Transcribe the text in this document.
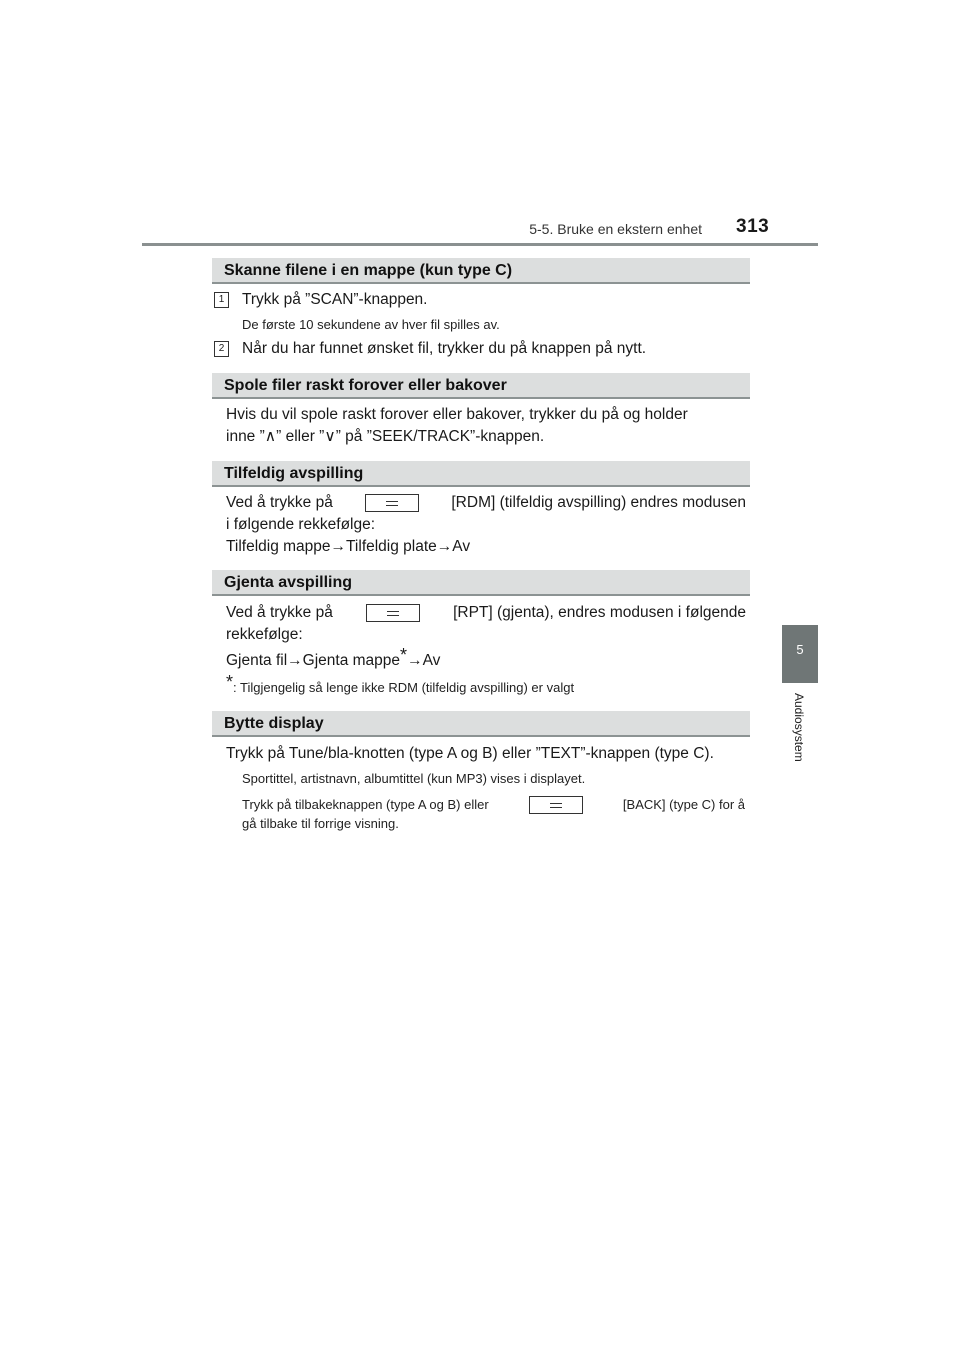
5-5. Bruke en ekstern enhet 313
5
Audiosystem
Skanne filene i en mappe (kun type C)
1	Trykk på ”SCAN”-knappen.
De første 10 sekundene av hver fil spilles av.
2	Når du har funnet ønsket fil, trykker du på knappen på nytt.
Spole filer raskt forover eller bakover
Hvis du vil spole raskt forover eller bakover, trykker du på og holder
inne ”∧” eller ”∨” på ”SEEK/TRACK”-knappen.
Tilfeldig avspilling
Ved å trykke på	[RDM] (tilfeldig avspilling) endres modusen
i følgende rekkefølge:
Tilfeldig mappe→Tilfeldig plate→Av
Gjenta avspilling
Ved å trykke på	[RPT] (gjenta), endres modusen i følgende
rekkefølge:
Gjenta fil→Gjenta mappe*→Av
*: Tilgjengelig så lenge ikke RDM (tilfeldig avspilling) er valgt
Bytte display
Trykk på Tune/bla-knotten (type A og B) eller ”TEXT”-knappen (type C).
Sportittel, artistnavn, albumtittel (kun MP3) vises i displayet.
Trykk på tilbakeknappen (type A og B) eller	[BACK] (type C) for å
gå tilbake til forrige visning.
